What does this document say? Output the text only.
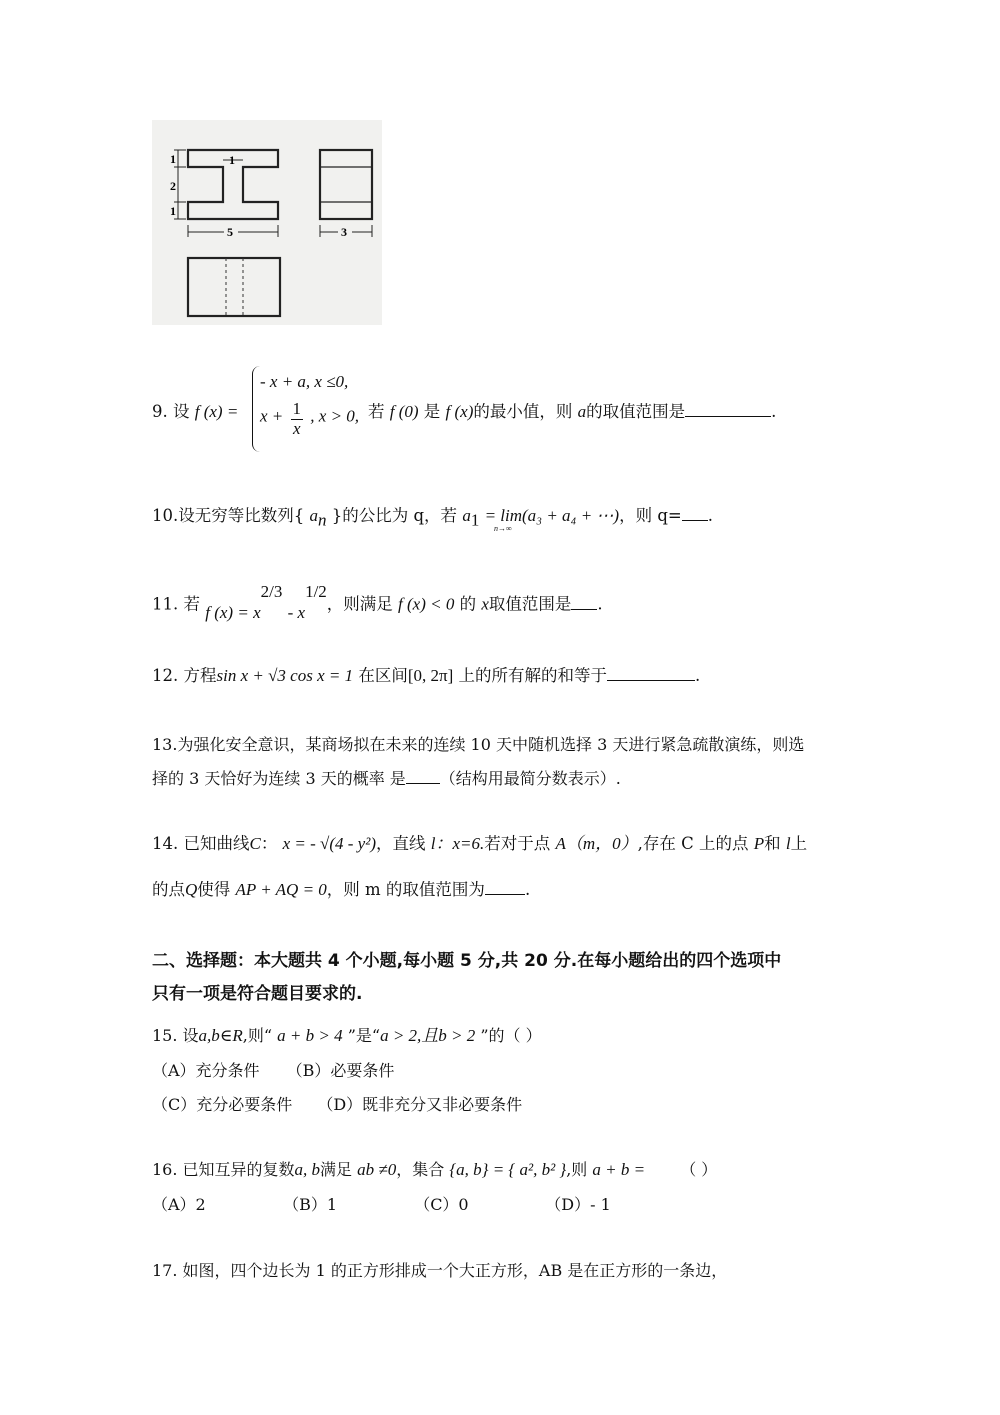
1
2
1
1
5	3
9. 设 f (x) =
- x + a, x ≤0,
$x + \frac{1}{x}$ , x > 0, 若 f (0) 是 f (x)的最小值，则 a的取值范围是	.
10.设无穷等比数列{ $a_n$ }的公比为 q，若 $a_1 = \lim(a_3 + a_4$ + ⋯)，则 q= .
n→∞
11. 若 f $(x) = x^{2/3} - x^{1/2}$，则满足 f (x) < 0 的 x取值范围是 .
12. 方程sin x + √3 cos x = 1 在区间[0, 2π] 上的所有解的和等于	.
13.为强化安全意识，某商场拟在未来的连续 10 天中随机选择 3 天进行紧急疏散演练，则选
择的 3 天恰好为连续 3 天的概率 是 （结构用最简分数表示）.
14. 已知曲线C： x = - √(4 - y²)，直线 l：x=6.若对于点 A（m，0）,存在 C 上的点 P和 l上
的点Q使得 AP + AQ = 0，则 m 的取值范围为 .
二、选择题：本大题共 4 个小题,每小题 5 分,共 20 分.在每小题给出的四个选项中
只有一项是符合题目要求的.
15. 设a,b∈R,则“ a + b > 4 ”是“a > 2,且b > 2 ”的（ ）
（A）充分条件 （B）必要条件
（C）充分必要条件 （D）既非充分又非必要条件
16. 已知互异的复数a, b满足 ab ≠0，集合 {a, b} = { a², b² },则 a + b = （ ）
（A）2	（B）1	（C）0	（D）- 1
17. 如图，四个边长为 1 的正方形排成一个大正方形，AB 是在正方形的一条边，
